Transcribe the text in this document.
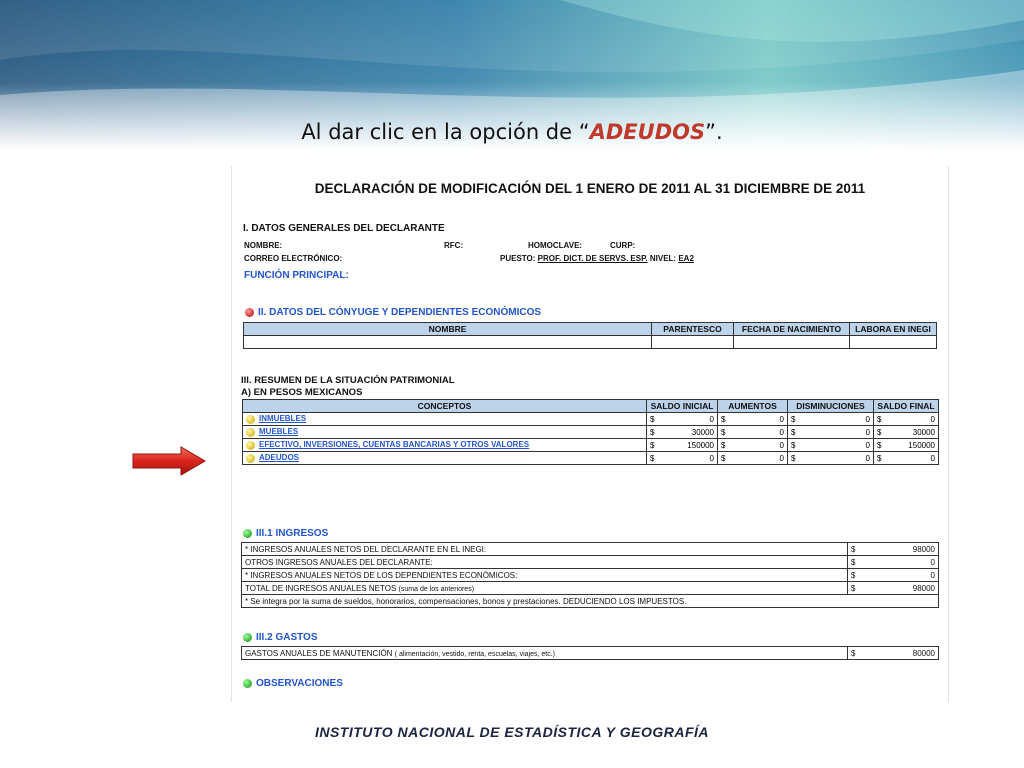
Al dar clic en la opción de “ADEUDOS”.
DECLARACIÓN DE MODIFICACIÓN DEL 1 ENERO DE 2011 AL 31 DICIEMBRE DE 2011
I. DATOS GENERALES DEL DECLARANTE
NOMBRE:	RFC:	HOMOCLAVE:	CURP:
CORREO ELECTRÓNICO:	PUESTO: PROF. DICT. DE SERVS. ESP. NIVEL: EA2
FUNCIÓN PRINCIPAL:
II. DATOS DEL CÓNYUGE Y DEPENDIENTES ECONÓMICOS
NOMBRE	PARENTESCO	FECHA DE NACIMIENTO	LABORA EN INEGI

III. RESUMEN DE LA SITUACIÓN PATRIMONIAL
A) EN PESOS MEXICANOS
CONCEPTOS	SALDO INICIAL	AUMENTOS	DISMINUCIONES	SALDO FINAL
INMUEBLES	$ 0	$ 0	$ 0	$ 0

MUEBLES	$ 30000	$ 0	$ 0	$ 30000

EFECTIVO, INVERSIONES, CUENTAS BANCARIAS Y OTROS VALORES	$ 150000	$ 0	$ 0	$ 150000

ADEUDOS	$ 0	$ 0	$ 0	$ 0
III.1 INGRESOS
* INGRESOS ANUALES NETOS DEL DECLARANTE EN EL INEGI:	$ 98000

OTROS INGRESOS ANUALES DEL DECLARANTE:	$ 0

* INGRESOS ANUALES NETOS DE LOS DEPENDIENTES ECONÓMICOS:	$ 0

TOTAL DE INGRESOS ANUALES NETOS (suma de los anteriores)	$ 98000

* Se integra por la suma de sueldos, honorarios, compensaciones, bonos y prestaciones. DEDUCIENDO LOS IMPUESTOS.	
III.2 GASTOS
GASTOS ANUALES DE MANUTENCIÓN ( alimentación, vestido, renta, escuelas, viajes, etc.)	$	80000
OBSERVACIONES
INSTITUTO NACIONAL DE ESTADÍSTICA Y GEOGRAFÍA
